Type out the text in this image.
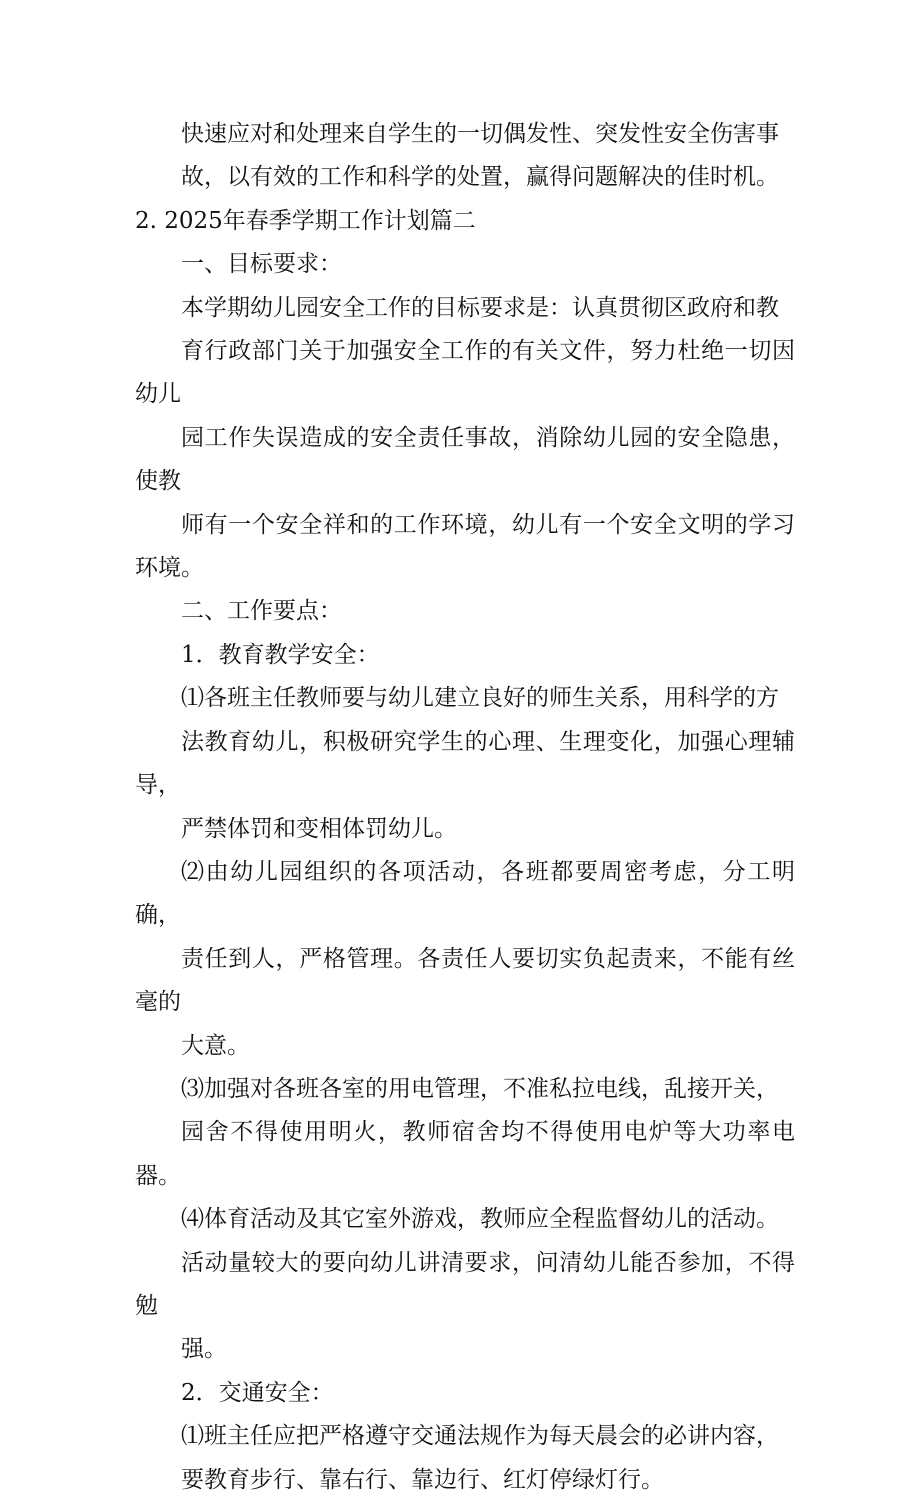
快速应对和处理来自学生的一切偶发性、突发性安全伤害事
故，以有效的工作和科学的处置，赢得问题解决的佳时机。
2. 2025年春季学期工作计划篇二
一、目标要求：
本学期幼儿园安全工作的目标要求是：认真贯彻区政府和教
育行政部门关于加强安全工作的有关文件，努力杜绝一切因幼儿
园工作失误造成的安全责任事故，消除幼儿园的安全隐患，使教
师有一个安全祥和的工作环境，幼儿有一个安全文明的学习环境。
二、工作要点：
1．教育教学安全：
⑴各班主任教师要与幼儿建立良好的师生关系，用科学的方
法教育幼儿，积极研究学生的心理、生理变化，加强心理辅导，
严禁体罚和变相体罚幼儿。
⑵由幼儿园组织的各项活动，各班都要周密考虑，分工明确，
责任到人，严格管理。各责任人要切实负起责来，不能有丝毫的
大意。
⑶加强对各班各室的用电管理，不准私拉电线，乱接开关，
园舍不得使用明火，教师宿舍均不得使用电炉等大功率电器。
⑷体育活动及其它室外游戏，教师应全程监督幼儿的活动。
活动量较大的要向幼儿讲清要求，问清幼儿能否参加，不得勉
强。
2．交通安全：
⑴班主任应把严格遵守交通法规作为每天晨会的必讲内容，
要教育步行、靠右行、靠边行、红灯停绿灯行。
